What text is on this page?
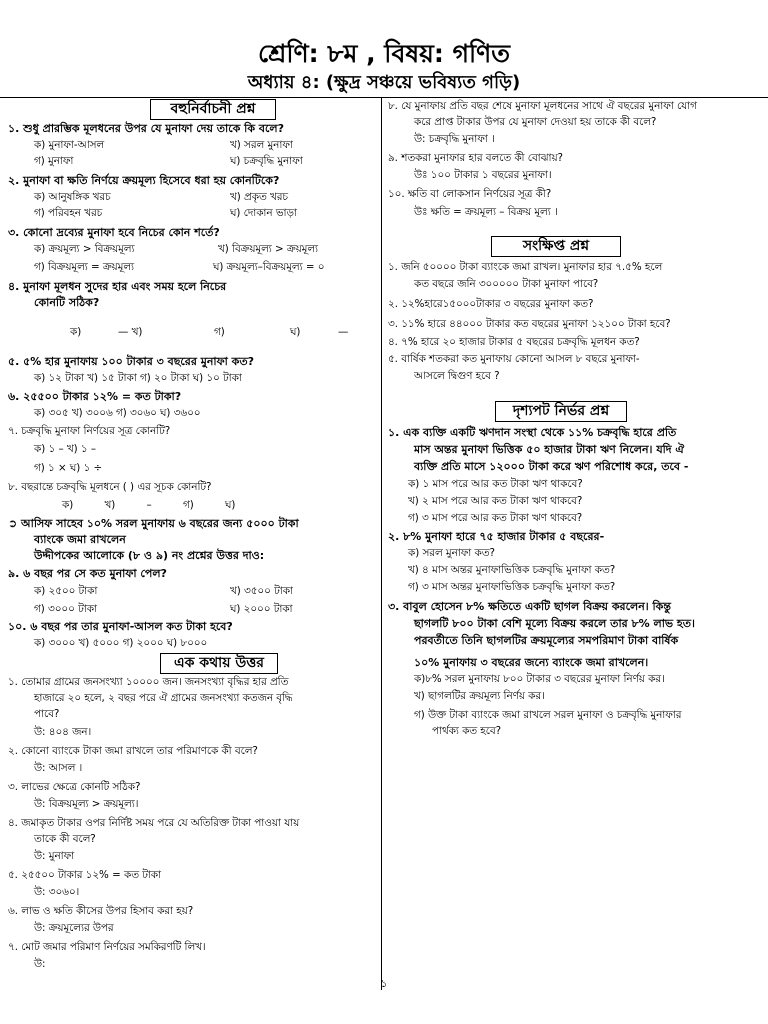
শ্রেণি: ৮ম , বিষয়: গণিত
অধ্যায় ৪: (ক্ষুদ্র সঞ্চয়ে ভবিষ্যত গড়ি)
বহুনির্বাচনী প্রশ্ন
১. শুধু প্রারম্ভিক মূলধনের উপর যে মুনাফা দেয় তাকে কি বলে?
ক) মুনাফা-আসল	খ) সরল মুনাফা
গ) মুনাফা	ঘ) চক্রবৃদ্ধি মুনাফা
২. মুনাফা বা ক্ষতি নির্ণয়ে ক্রয়মূল্য হিসেবে ধরা হয় কোনটিকে?
ক) আনুষঙ্গিক খরচ	খ) প্রকৃত খরচ
গ) পরিবহন খরচ	ঘ) দোকান ভাড়া
৩. কোনো দ্রব্যের মুনাফা হবে নিচের কোন শর্তে?
ক) ক্রয়মূল্য > বিক্রয়মূল্য	খ) বিক্রয়মূল্য > ক্রয়মূল্য
গ) বিক্রয়মূল্য = ক্রয়মূল্য	ঘ) ক্রয়মূল্য–বিক্রয়মূল্য = ০
৪. মুনাফা মূলধন সুদের হার এবং সময় হলে নিচের
কোনটি সঠিক?
ক)	— খ)	গ)	ঘ)	—
৫. ৫% হার মুনাফায় ১০০ টাকার ৩ বছরের মুনাফা কত?
ক) ১২ টাকা খ) ১৫ টাকা গ) ২০ টাকা ঘ) ১০ টাকা
৬. ২৫৫০০ টাকার ১২% = কত টাকা?
ক) ৩০৫ খ) ৩০০৬ গ) ৩০৬০ ঘ) ৩৬০০
৭. চক্রবৃদ্ধি মুনাফা নির্ণয়ের সূত্র কোনটি?
ক) ১ – খ) ১ –
গ) ১ × ঘ) ১ ÷
৮. বছরান্তে চক্রবৃদ্ধি মূলধনে ( ) এর সূচক কোনটি?
ক) খ) – গ) ঘ)
➲ আসিফ সাহেব ১০% সরল মুনাফায় ৬ বছরের জন্য ৫০০০ টাকা
ব্যাংকে জমা রাখলেন
উদ্দীপকের আলোকে (৮ ও ৯) নং প্রশ্নের উত্তর দাও:
৯. ৬ বছর পর সে কত মুনাফা পেল?
ক) ২৫০০ টাকা	খ) ৩৫০০ টাকা
গ) ৩০০০ টাকা	ঘ) ২০০০ টাকা
১০. ৬ বছর পর তার মুনাফা-আসল কত টাকা হবে?
ক) ৩০০০ খ) ৫০০০ গ) ২০০০ ঘ) ৮০০০
এক কথায় উত্তর
১. তোমার গ্রামের জনসংখ্যা ১০০০০ জন। জনসংখ্যা বৃদ্ধির হার প্রতি
হাজারে ২০ হলে, ২ বছর পরে ঐ গ্রামের জনসংখ্যা কতজন বৃদ্ধি
পাবে?
উ: ৪০৪ জন।
২. কোনো ব্যাংকে টাকা জমা রাখলে তার পরিমাণকে কী বলে?
উ: আসল ।
৩. লাভের ক্ষেত্রে কোনটি সঠিক?
উ: বিক্রয়মূল্য > ক্রয়মূল্য।
৪. জমাকৃত টাকার ওপর নির্দিষ্ট সময় পরে যে অতিরিক্ত টাকা পাওয়া যায়
তাকে কী বলে?
উ: মুনাফা
৫. ২৫৫০০ টাকার ১২% = কত টাকা
উ: ৩০৬০।
৬. লাভ ও ক্ষতি কীসের উপর হিসাব করা হয়?
উ: ক্রয়মূল্যের উপর
৭. মোট জমার পরিমাণ নির্ণয়ের সমকিরণটি লিখ।
উ:
৮. যে মুনাফায় প্রতি বছর শেষে মুনাফা মূলধনের সাথে ঐ বছরের মুনাফা যোগ
করে প্রাপ্ত টাকার উপর যে মুনাফা দেওয়া হয় তাকে কী বলে?
উ: চক্রবৃদ্ধি মুনাফা ।
৯. শতকরা মুনাফার হার বলতে কী বোঝায়?
উঃ ১০০ টাকার ১ বছরের মুনাফা।
১০. ক্ষতি বা লোকসান নির্ণয়ের সূত্র কী?
উঃ ক্ষতি = ক্রয়মূল্য – বিক্রয় মূল্য ।
সংক্ষিপ্ত প্রশ্ন
১. জনি ৫০০০০ টাকা ব্যাংকে জমা রাখল। মুনাফার হার ৭.৫% হলে
কত বছরে জনি ৩০০০০০ টাকা মুনাফা পাবে?
২. ১২%হারে১৫০০০টাকার ৩ বছরের মুনাফা কত?
৩. ১১% হারে ৪৪০০০ টাকার কত বছরের মুনাফা ১২১০০ টাকা হবে?
৪. ৭% হারে ২০ হাজার টাকার ৫ বছরের চক্রবৃদ্ধি মূলধন কত?
৫. বার্ষিক শতকরা কত মুনাফায় কোনো আসল ৮ বছরে মুনাফা-
আসলে দ্বিগুণ হবে ?
দৃশ্যপট নির্ভর প্রশ্ন
১. এক ব্যক্তি একটি ঋণদান সংস্থা থেকে ১১% চক্রবৃদ্ধি হারে প্রতি
মাস অন্তর মুনাফা ভিত্তিক ৫০ হাজার টাকা ঋণ নিলেন। যদি ঐ
ব্যক্তি প্রতি মাসে ১২০০০ টাকা করে ঋণ পরিশোধ করে, তবে -
ক) ১ মাস পরে আর কত টাকা ঋণ থাকবে?
খ) ২ মাস পরে আর কত টাকা ঋণ থাকবে?
গ) ৩ মাস পরে আর কত টাকা ঋণ থাকবে?
২. ৮% মুনাফা হারে ৭৫ হাজার টাকার ৫ বছরের-
ক) সরল মুনাফা কত?
খ) ৪ মাস অন্তর মুনাফাভিত্তিক চক্রবৃদ্ধি মুনাফা কত?
গ) ৩ মাস অন্তর মুনাফাভিত্তিক চক্রবৃদ্ধি মুনাফা কত?
৩. বাবুল হোসেন ৮% ক্ষতিতে একটি ছাগল বিক্রয় করলেন। কিন্তু
ছাগলটি ৮০০ টাকা বেশি মূল্যে বিক্রয় করলে তার ৮% লাভ হত।
পরবর্তীতে তিনি ছাগলটির ক্রয়মূল্যের সমপরিমাণ টাকা বার্ষিক
১০% মুনাফায় ৩ বছরের জন্যে ব্যাংকে জমা রাখলেন।
ক)৮% সরল মুনাফায় ৮০০ টাকার ৩ বছরের মুনাফা নির্ণয় কর।
খ) ছাগলটির ক্রয়মূল্য নির্ণয় কর।
গ) উক্ত টাকা ব্যাংকে জমা রাখলে সরল মুনাফা ও চক্রবৃদ্ধি মুনাফার
পার্থক্য কত হবে?
১
